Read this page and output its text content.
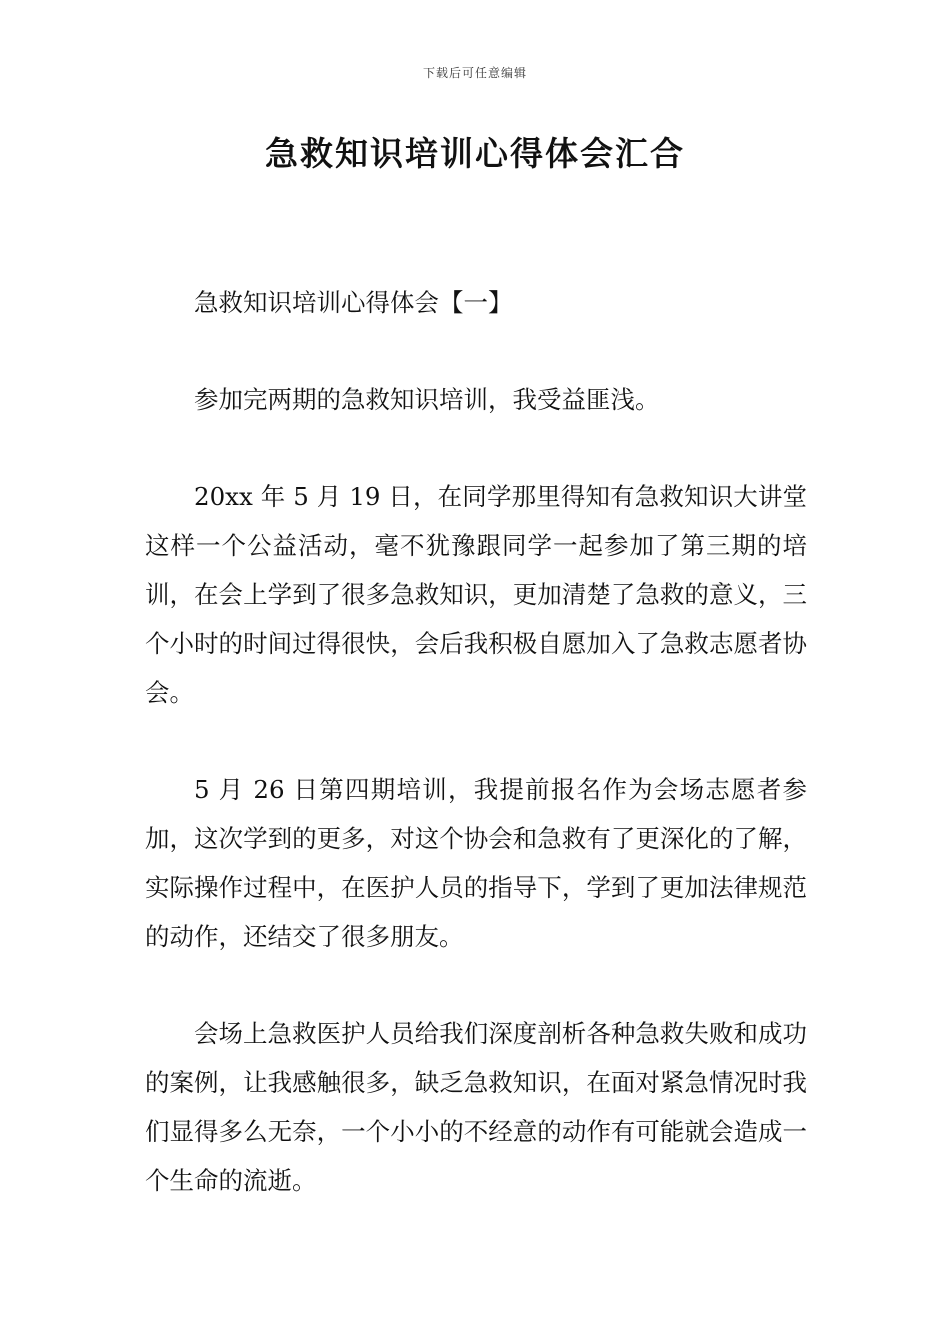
下载后可任意编辑
急救知识培训心得体会汇合

急救知识培训心得体会【一】

参加完两期的急救知识培训，我受益匪浅。

20xx 年 5 月 19 日，在同学那里得知有急救知识大讲堂这样一个公益活动，毫不犹豫跟同学一起参加了第三期的培训，在会上学到了很多急救知识，更加清楚了急救的意义，三个小时的时间过得很快，会后我积极自愿加入了急救志愿者协会。

5 月 26 日第四期培训，我提前报名作为会场志愿者参加，这次学到的更多，对这个协会和急救有了更深化的了解，实际操作过程中，在医护人员的指导下，学到了更加法律规范的动作，还结交了很多朋友。

会场上急救医护人员给我们深度剖析各种急救失败和成功的案例，让我感触很多，缺乏急救知识，在面对紧急情况时我们显得多么无奈，一个小小的不经意的动作有可能就会造成一个生命的流逝。
